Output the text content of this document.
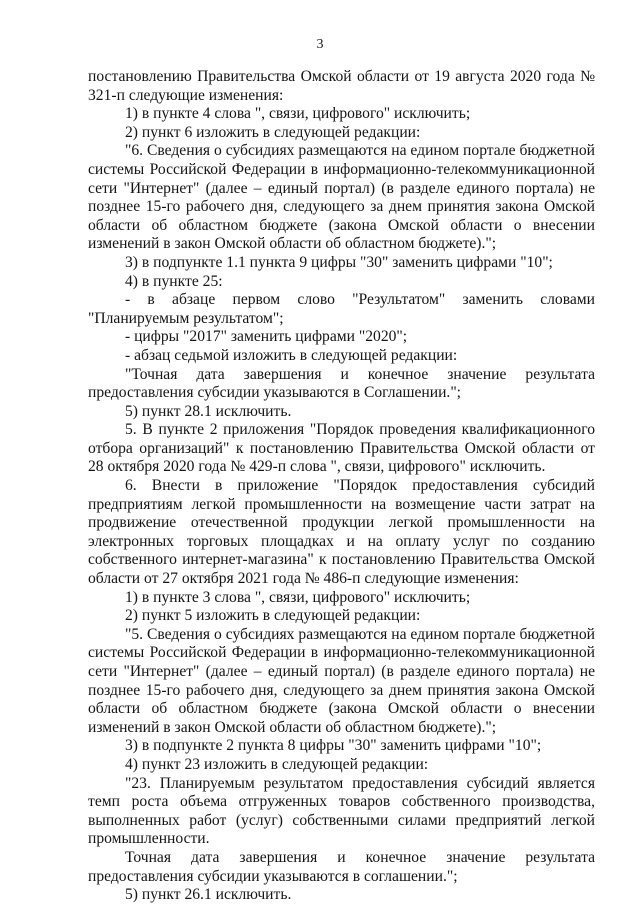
3

постановлению Правительства Омской области от 19 августа 2020 года № 321-п следующие изменения:

1) в пункте 4 слова ", связи, цифрового" исключить;

2) пункт 6 изложить в следующей редакции:

"6. Сведения о субсидиях размещаются на едином портале бюджетной системы Российской Федерации в информационно-телекоммуникационной сети "Интернет" (далее – единый портал) (в разделе единого портала) не позднее 15-го рабочего дня, следующего за днем принятия закона Омской области об областном бюджете (закона Омской области о внесении изменений в закон Омской области об областном бюджете).";

3) в подпункте 1.1 пункта 9 цифры "30" заменить цифрами "10";

4) в пункте 25:

- в абзаце первом слово "Результатом" заменить словами "Планируемым результатом";

- цифры "2017" заменить цифрами "2020";

- абзац седьмой изложить в следующей редакции:

"Точная дата завершения и конечное значение результата предоставления субсидии указываются в Соглашении.";

5) пункт 28.1 исключить.

5. В пункте 2 приложения "Порядок проведения квалификационного отбора организаций" к постановлению Правительства Омской области от 28 октября 2020 года № 429-п слова ", связи, цифрового" исключить.

6. Внести в приложение "Порядок предоставления субсидий предприятиям легкой промышленности на возмещение части затрат на продвижение отечественной продукции легкой промышленности на электронных торговых площадках и на оплату услуг по созданию собственного интернет-магазина" к постановлению Правительства Омской области от 27 октября 2021 года № 486-п следующие изменения:

1) в пункте 3 слова ", связи, цифрового" исключить;

2) пункт 5 изложить в следующей редакции:

"5. Сведения о субсидиях размещаются на едином портале бюджетной системы Российской Федерации в информационно-телекоммуникационной сети "Интернет" (далее – единый портал) (в разделе единого портала) не позднее 15-го рабочего дня, следующего за днем принятия закона Омской области об областном бюджете (закона Омской области о внесении изменений в закон Омской области об областном бюджете).";

3) в подпункте 2 пункта 8 цифры "30" заменить цифрами "10";

4) пункт 23 изложить в следующей редакции:

"23. Планируемым результатом предоставления субсидий является темп роста объема отгруженных товаров собственного производства, выполненных работ (услуг) собственными силами предприятий легкой промышленности.

Точная дата завершения и конечное значение результата предоставления субсидии указываются в соглашении.";

5) пункт 26.1 исключить.
